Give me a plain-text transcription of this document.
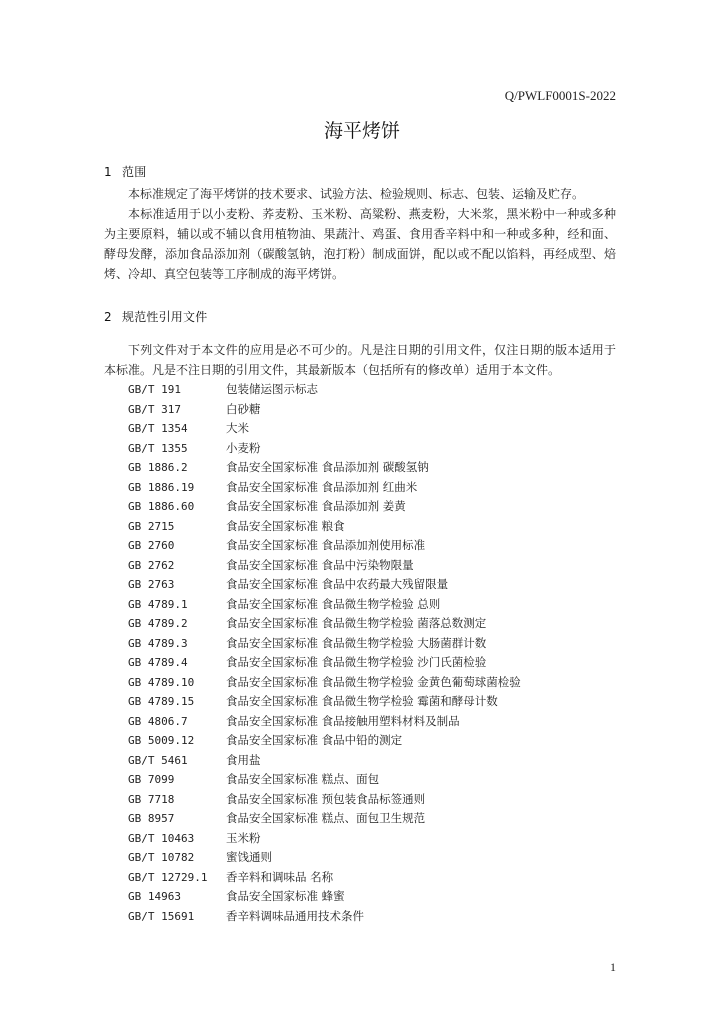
Q/PWLF0001S-2022
海平烤饼
1 范围

本标准规定了海平烤饼的技术要求、试验方法、检验规则、标志、包装、运输及贮存。

本标准适用于以小麦粉、荞麦粉、玉米粉、高粱粉、燕麦粉，大米浆，黑米粉中一种或多种为主要原料，辅以或不辅以食用植物油、果蔬汁、鸡蛋、食用香辛料中和一种或多种，经和面、酵母发酵，添加食品添加剂（碳酸氢钠，泡打粉）制成面饼，配以或不配以馅料，再经成型、焙烤、冷却、真空包装等工序制成的海平烤饼。

2 规范性引用文件

下列文件对于本文件的应用是必不可少的。凡是注日期的引用文件，仅注日期的版本适用于本标准。凡是不注日期的引用文件，其最新版本（包括所有的修改单）适用于本文件。

GB/T 191	包装储运图示标志
GB/T 317	白砂糖
GB/T 1354	大米
GB/T 1355	小麦粉
GB 1886.2	食品安全国家标准 食品添加剂 碳酸氢钠
GB 1886.19	食品安全国家标准 食品添加剂 红曲米
GB 1886.60	食品安全国家标准 食品添加剂 姜黄
GB 2715	食品安全国家标准 粮食
GB 2760	食品安全国家标准 食品添加剂使用标准
GB 2762	食品安全国家标准 食品中污染物限量
GB 2763	食品安全国家标准 食品中农药最大残留限量
GB 4789.1	食品安全国家标准 食品微生物学检验 总则
GB 4789.2	食品安全国家标准 食品微生物学检验 菌落总数测定
GB 4789.3	食品安全国家标准 食品微生物学检验 大肠菌群计数
GB 4789.4	食品安全国家标准 食品微生物学检验 沙门氏菌检验
GB 4789.10	食品安全国家标准 食品微生物学检验 金黄色葡萄球菌检验
GB 4789.15	食品安全国家标准 食品微生物学检验 霉菌和酵母计数
GB 4806.7	食品安全国家标准 食品接触用塑料材料及制品
GB 5009.12	食品安全国家标准 食品中铅的测定
GB/T 5461	食用盐
GB 7099	食品安全国家标准 糕点、面包
GB 7718	食品安全国家标准 预包装食品标签通则
GB 8957	食品安全国家标准 糕点、面包卫生规范
GB/T 10463	玉米粉
GB/T 10782	蜜饯通则
GB/T 12729.1 香辛料和调味品 名称
GB 14963	食品安全国家标准 蜂蜜
GB/T 15691	香辛料调味品通用技术条件
1
